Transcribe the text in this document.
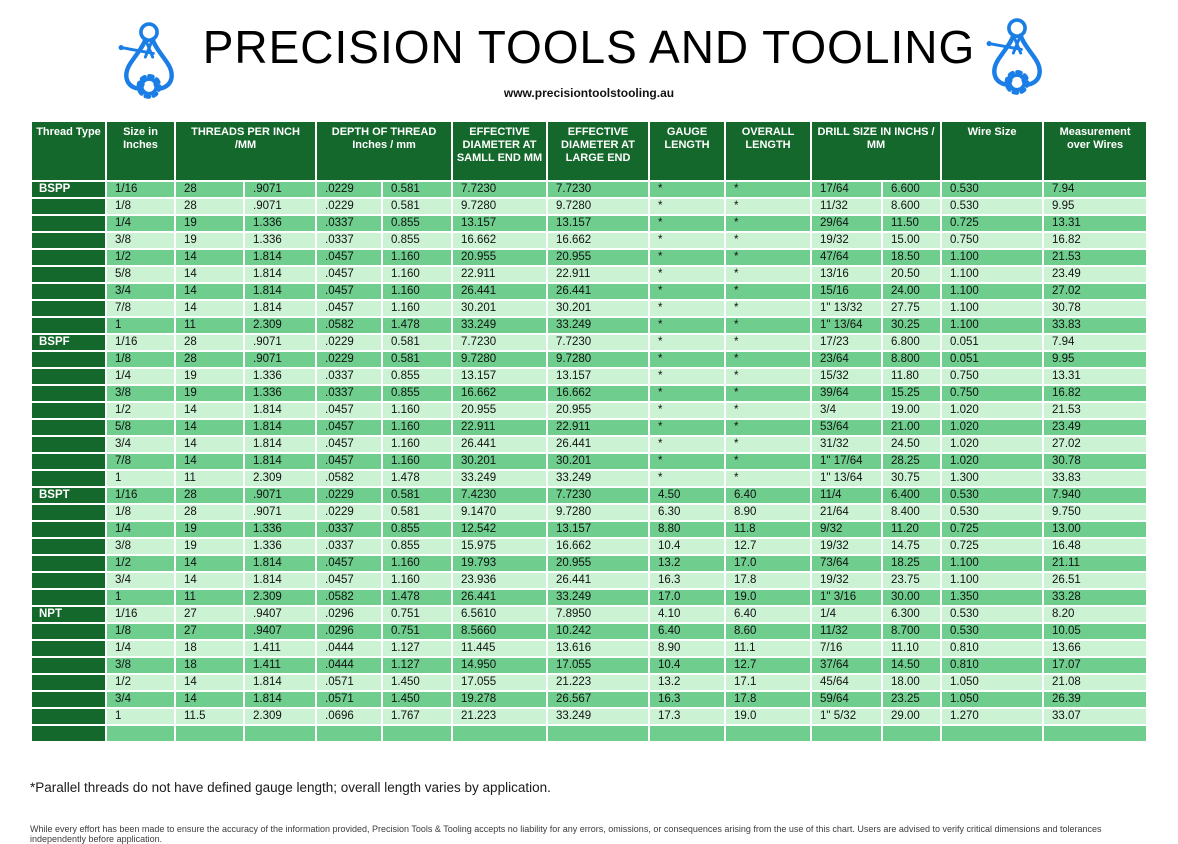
PRECISION TOOLS AND TOOLING
www.precisiontoolstooling.au
Thread Type	Size in Inches	THREADS PER INCH /MM		DEPTH OF THREAD Inches / mm		EFFECTIVE DIAMETER AT SAMLL END MM	EFFECTIVE DIAMETER AT LARGE END	GAUGE LENGTH	OVERALL LENGTH	DRILL SIZE IN INCHS / MM		Wire Size	Measurement over Wires
BSPP	1/16	28	.9071	.0229	0.581	7.7230	7.7230	*	*	17/64	6.600	0.530	7.94
	1/8	28	.9071	.0229	0.581	9.7280	9.7280	*	*	11/32	8.600	0.530	9.95
	1/4	19	1.336	.0337	0.855	13.157	13.157	*	*	29/64	11.50	0.725	13.31
	3/8	19	1.336	.0337	0.855	16.662	16.662	*	*	19/32	15.00	0.750	16.82
	1/2	14	1.814	.0457	1.160	20.955	20.955	*	*	47/64	18.50	1.100	21.53
	5/8	14	1.814	.0457	1.160	22.911	22.911	*	*	13/16	20.50	1.100	23.49
	3/4	14	1.814	.0457	1.160	26.441	26.441	*	*	15/16	24.00	1.100	27.02
	7/8	14	1.814	.0457	1.160	30.201	30.201	*	*	1" 13/32	27.75	1.100	30.78
	1	11	2.309	.0582	1.478	33.249	33.249	*	*	1" 13/64	30.25	1.100	33.83
BSPF	1/16	28	.9071	.0229	0.581	7.7230	7.7230	*	*	17/23	6.800	0.051	7.94
	1/8	28	.9071	.0229	0.581	9.7280	9.7280	*	*	23/64	8.800	0.051	9.95
	1/4	19	1.336	.0337	0.855	13.157	13.157	*	*	15/32	11.80	0.750	13.31
	3/8	19	1.336	.0337	0.855	16.662	16.662	*	*	39/64	15.25	0.750	16.82
	1/2	14	1.814	.0457	1.160	20.955	20.955	*	*	3/4	19.00	1.020	21.53
	5/8	14	1.814	.0457	1.160	22.911	22.911	*	*	53/64	21.00	1.020	23.49
	3/4	14	1.814	.0457	1.160	26.441	26.441	*	*	31/32	24.50	1.020	27.02
	7/8	14	1.814	.0457	1.160	30.201	30.201	*	*	1" 17/64	28.25	1.020	30.78
	1	11	2.309	.0582	1.478	33.249	33.249	*	*	1" 13/64	30.75	1.300	33.83
BSPT	1/16	28	.9071	.0229	0.581	7.4230	7.7230	4.50	6.40	11/4	6.400	0.530	7.940
	1/8	28	.9071	.0229	0.581	9.1470	9.7280	6.30	8.90	21/64	8.400	0.530	9.750
	1/4	19	1.336	.0337	0.855	12.542	13.157	8.80	11.8	9/32	11.20	0.725	13.00
	3/8	19	1.336	.0337	0.855	15.975	16.662	10.4	12.7	19/32	14.75	0.725	16.48
	1/2	14	1.814	.0457	1.160	19.793	20.955	13.2	17.0	73/64	18.25	1.100	21.11
	3/4	14	1.814	.0457	1.160	23.936	26.441	16.3	17.8	19/32	23.75	1.100	26.51
	1	11	2.309	.0582	1.478	26.441	33.249	17.0	19.0	1" 3/16	30.00	1.350	33.28
NPT	1/16	27	.9407	.0296	0.751	6.5610	7.8950	4.10	6.40	1/4	6.300	0.530	8.20
	1/8	27	.9407	.0296	0.751	8.5660	10.242	6.40	8.60	11/32	8.700	0.530	10.05
	1/4	18	1.411	.0444	1.127	11.445	13.616	8.90	11.1	7/16	11.10	0.810	13.66
	3/8	18	1.411	.0444	1.127	14.950	17.055	10.4	12.7	37/64	14.50	0.810	17.07
	1/2	14	1.814	.0571	1.450	17.055	21.223	13.2	17.1	45/64	18.00	1.050	21.08
	3/4	14	1.814	.0571	1.450	19.278	26.567	16.3	17.8	59/64	23.25	1.050	26.39
	1	11.5	2.309	.0696	1.767	21.223	33.249	17.3	19.0	1" 5/32	29.00	1.270	33.07

*Parallel threads do not have defined gauge length; overall length varies by application.
While every effort has been made to ensure the accuracy of the information provided, Precision Tools & Tooling accepts no liability for any errors, omissions, or consequences arising from the use of this chart. Users are advised to verify critical dimensions and tolerances independently before application.
